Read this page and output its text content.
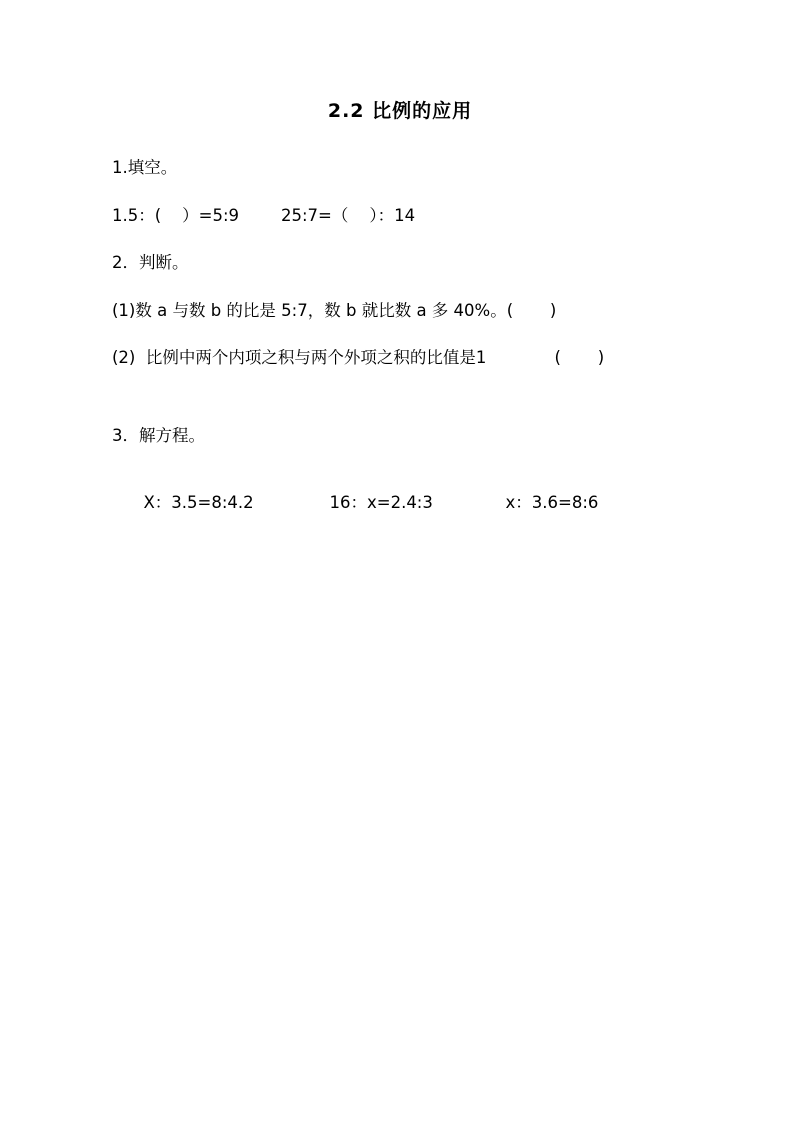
2.2 比例的应用

1.填空。

1.5：(    ）=5:9        25:7=（    ）：14

2．判断。

(1)数 a 与数 b 的比是 5:7，数 b 就比数 a 多 40%。(       )

(2)  比例中两个内项之积与两个外项之积的比值是1             (       )

3．解方程。

X：3.5=8:4.2	16：x=2.4:3	x：3.6=8:6
